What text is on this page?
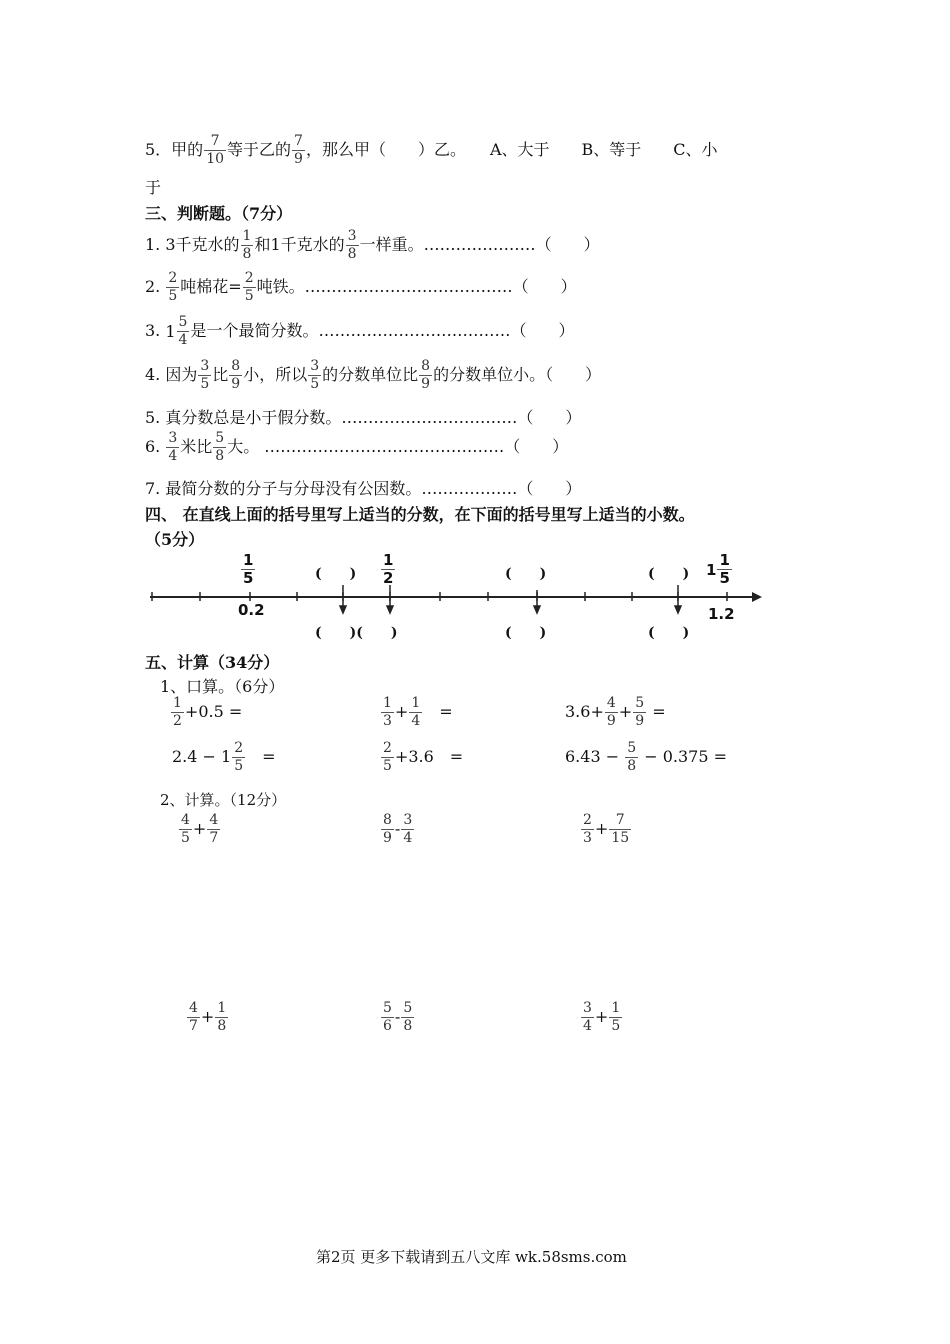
5．甲的 $\frac{7}{10}$ 等于乙的 $\frac{7}{9}$ ，那么甲（　　）乙。　　A、大于　　B、等于　　C、小
于
三、判断题。（7分）
1. 3千克水的 $\frac{1}{8}$ 和1千克水的 $\frac{3}{8}$ 一样重。…………………（　　）
2. $\frac{2}{5}$ 吨棉花= $\frac{2}{5}$ 吨铁。…………………………………（　　）
3. $1 \frac{5}{4}$ 是一个最简分数。………………………………（　　）
4. 因为 $\frac{3}{5}$ 比 $\frac{8}{9}$ 小，所以 $\frac{3}{5}$ 的分数单位比 $\frac{8}{9}$ 的分数单位小。（　　）
5. 真分数总是小于假分数。……………………………（　　）
6. $\frac{3}{4}$ 米比 $\frac{5}{8}$ 大。 ………………………………………（　　）
7. 最简分数的分子与分母没有公因数。………………（　　）
四、 在直线上面的括号里写上适当的分数，在下面的括号里写上适当的小数。
（5分）
$\frac{1}{5}$	$\frac{1}{2}$	$1 \frac{1}{5}$
(　　)	(　　)	(　　)
0.2	1.2
(　　)(　　)	(　　)	(　　)
五、计算（34分）
1、口算。（6分）
$\frac{1}{2} +0.5$ =	$\frac{1}{3} + \frac{1}{4}$ 　=	$3.6+ \frac{4}{9} + \frac{5}{9}$ =
$2.4 - 1 \frac{2}{5}$ 　=	$\frac{2}{5} +3.6$　=	$6.43 - \frac{5}{8} - 0.375$ =
2、计算。（12分）
$\frac{4}{5} + \frac{4}{7}$	$\frac{8}{9} - \frac{3}{4}$	$\frac{2}{3} + \frac{7}{15}$
$\frac{4}{7} + \frac{1}{8}$	$\frac{5}{6} - \frac{5}{8}$	$\frac{3}{4} + \frac{1}{5}$
第2页 更多下载请到五八文库 wk.58sms.com
